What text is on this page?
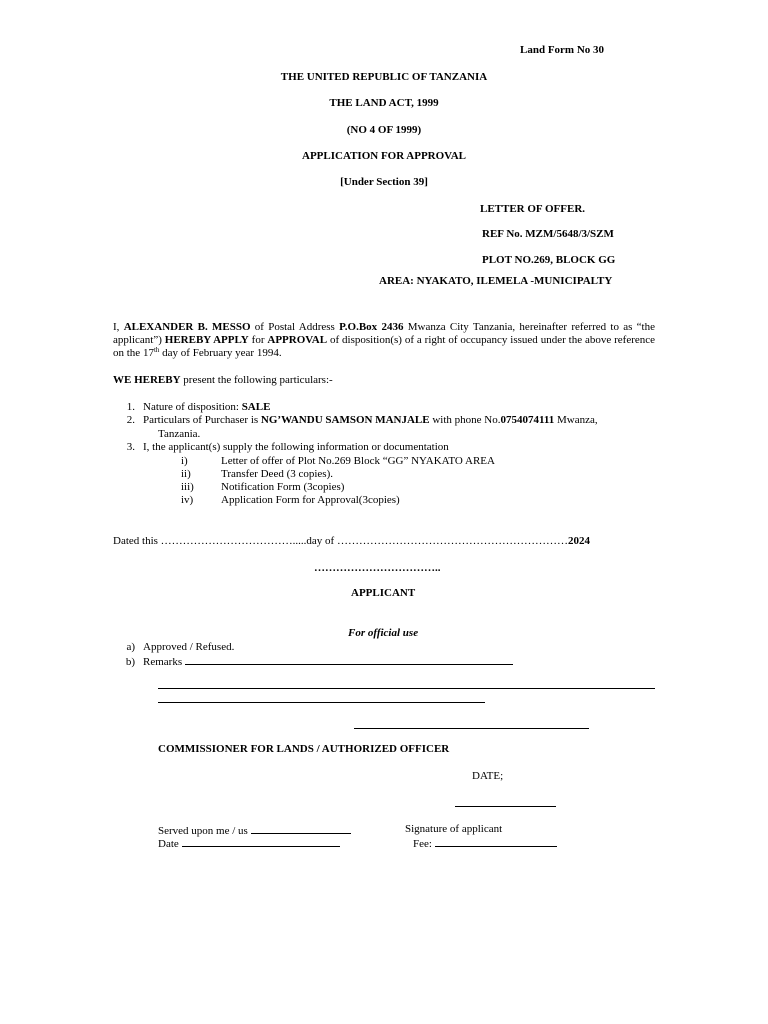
Land Form No 30
THE UNITED REPUBLIC OF TANZANIA
THE LAND ACT, 1999
(NO 4 OF 1999)
APPLICATION FOR APPROVAL
[Under Section 39]
LETTER OF OFFER.
REF No. MZM/5648/3/SZM
PLOT NO.269, BLOCK GG
AREA: NYAKATO, ILEMELA -MUNICIPALTY
I, ALEXANDER B. MESSO of Postal Address P.O.Box 2436 Mwanza City Tanzania, hereinafter referred to as “the applicant”) HEREBY APPLY for APPROVAL of disposition(s) of a right of occupancy issued under the above reference on the 17th day of February year 1994.
WE HEREBY present the following particulars:-
1. Nature of disposition: SALE
2. Particulars of Purchaser is NG’WANDU SAMSON MANJALE with phone No.0754074111 Mwanza,
Tanzania.
3. I, the applicant(s) supply the following information or documentation
i)	Letter of offer of Plot No.269 Block “GG” NYAKATO AREA
ii)	Transfer Deed (3 copies).
iii) Notification Form (3copies)
iv)	Application Form for Approval(3copies)
Dated this ……………………………….....day of ………………………………………………………2024
……………………………..
APPLICANT
For official use
a) Approved / Refused.
b) Remarks
COMMISSIONER FOR LANDS / AUTHORIZED OFFICER
DATE;
Served upon me / us
Date
Signature of applicant
Fee:
